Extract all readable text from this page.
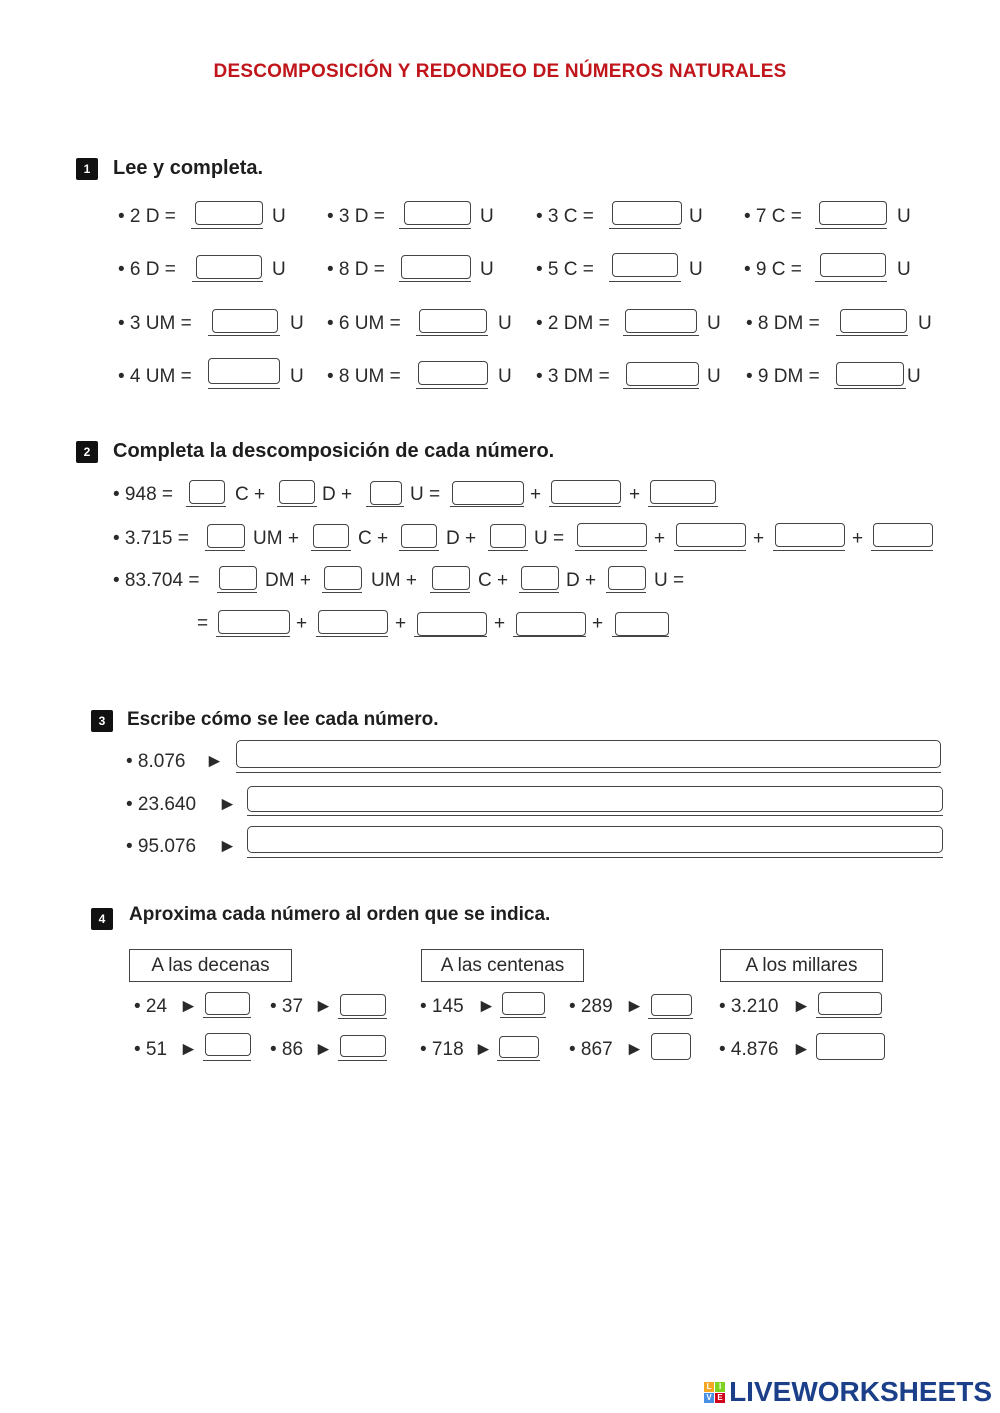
DESCOMPOSICIÓN Y REDONDEO DE NÚMEROS NATURALES
1	Lee y completa.
• 2 D =	U • 3 D =	U • 3 C =	U • 7 C =	U
• 6 D =	U • 8 D =	U • 5 C =	U • 9 C =	U
• 3 UM =	U • 6 UM =	U • 2 DM =	U • 8 DM =	U
• 4 UM =	U • 8 UM =	U • 3 DM =	U • 9 DM =	U
2	Completa la descomposición de cada número.
• 948 =	C +	D +	U =	+	+
• 3.715 =	UM +	C +	D +	U =	+	+	+
• 83.704 =	DM +	UM +	C +	D +	U =
=	+	+	+	+
3	Escribe cómo se lee cada número.
• 8.076 ►
• 23.640 ►
• 95.076 ►
4	Aproxima cada número al orden que se indica.
A las decenas	A las centenas	A los millares
• 24 ►	• 37 ►	• 145 ►	• 289 ►	• 3.210 ►
• 51 ►	• 86 ►	• 718 ►	• 867 ►	• 4.876 ►
L I
V E LIVEWORKSHEETS
